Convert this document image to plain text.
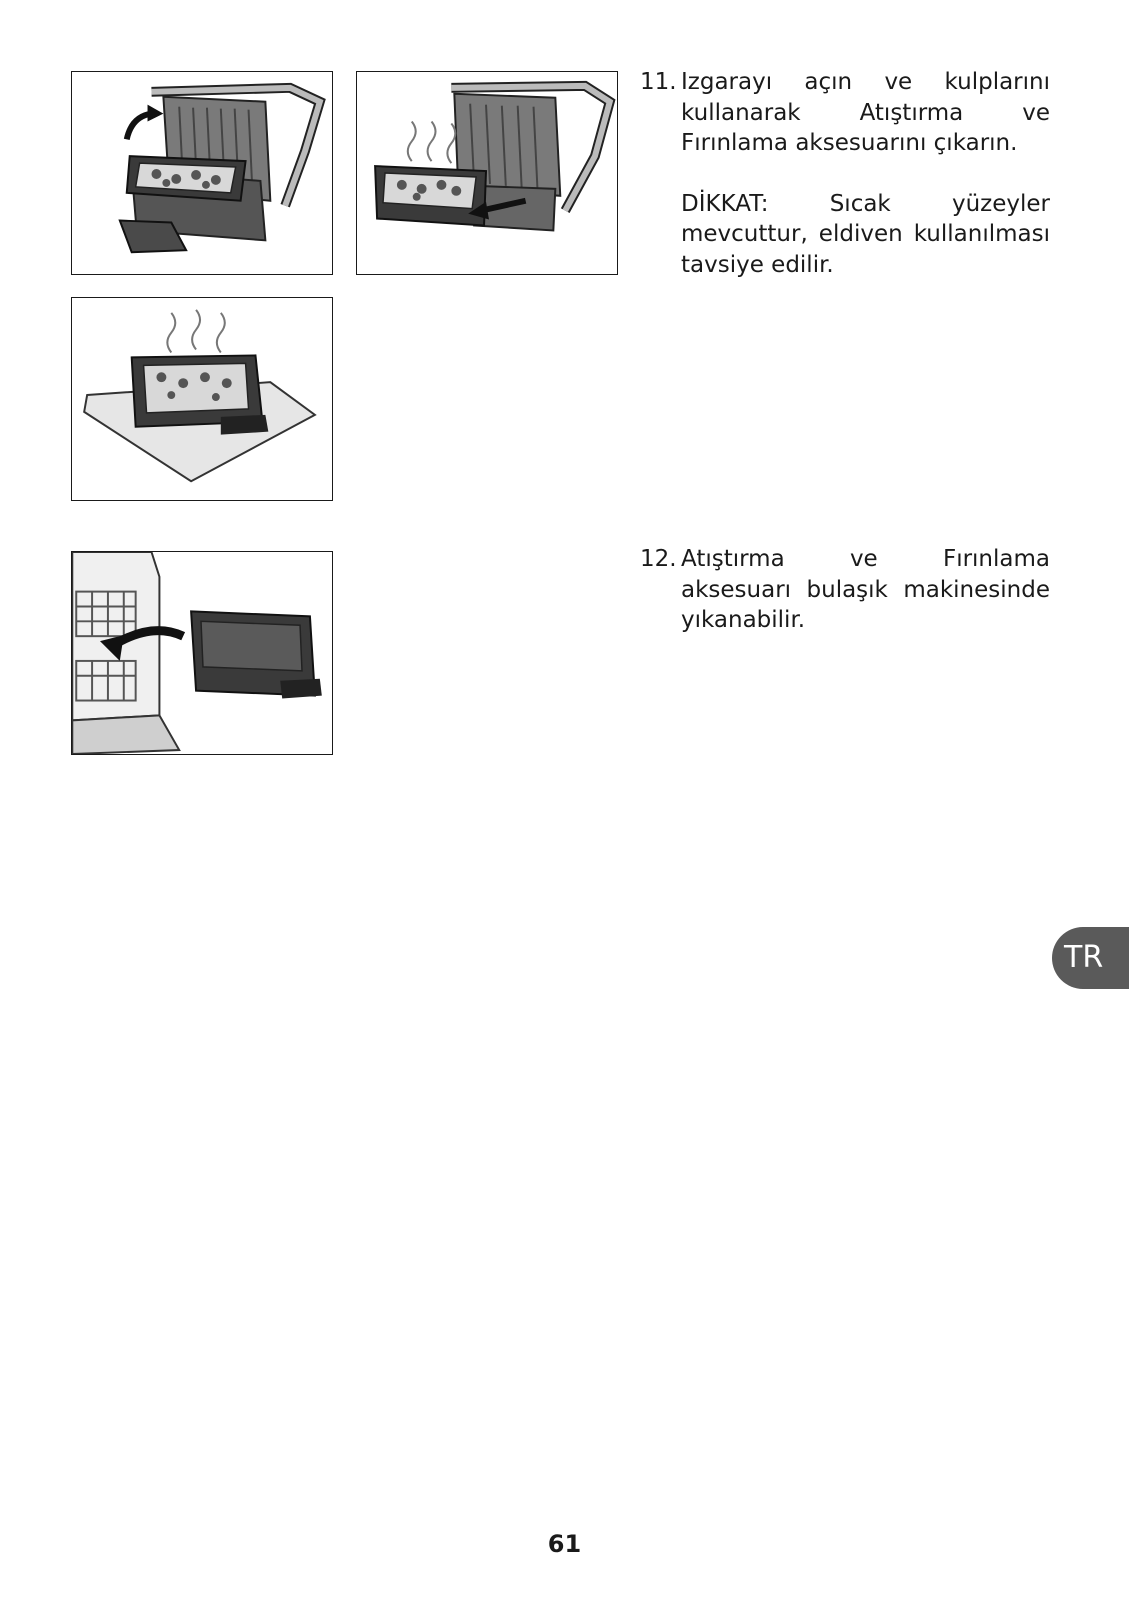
11. Izgarayı açın ve kulplarını kullanarak Atıştırma ve Fırınlama aksesuarını çıkarın.

DİKKAT: Sıcak yüzeyler mevcuttur, eldiven kullanılması tavsiye edilir.

12. Atıştırma ve Fırınlama aksesuarı bulaşık makinesinde yıkanabilir.

TR
61
